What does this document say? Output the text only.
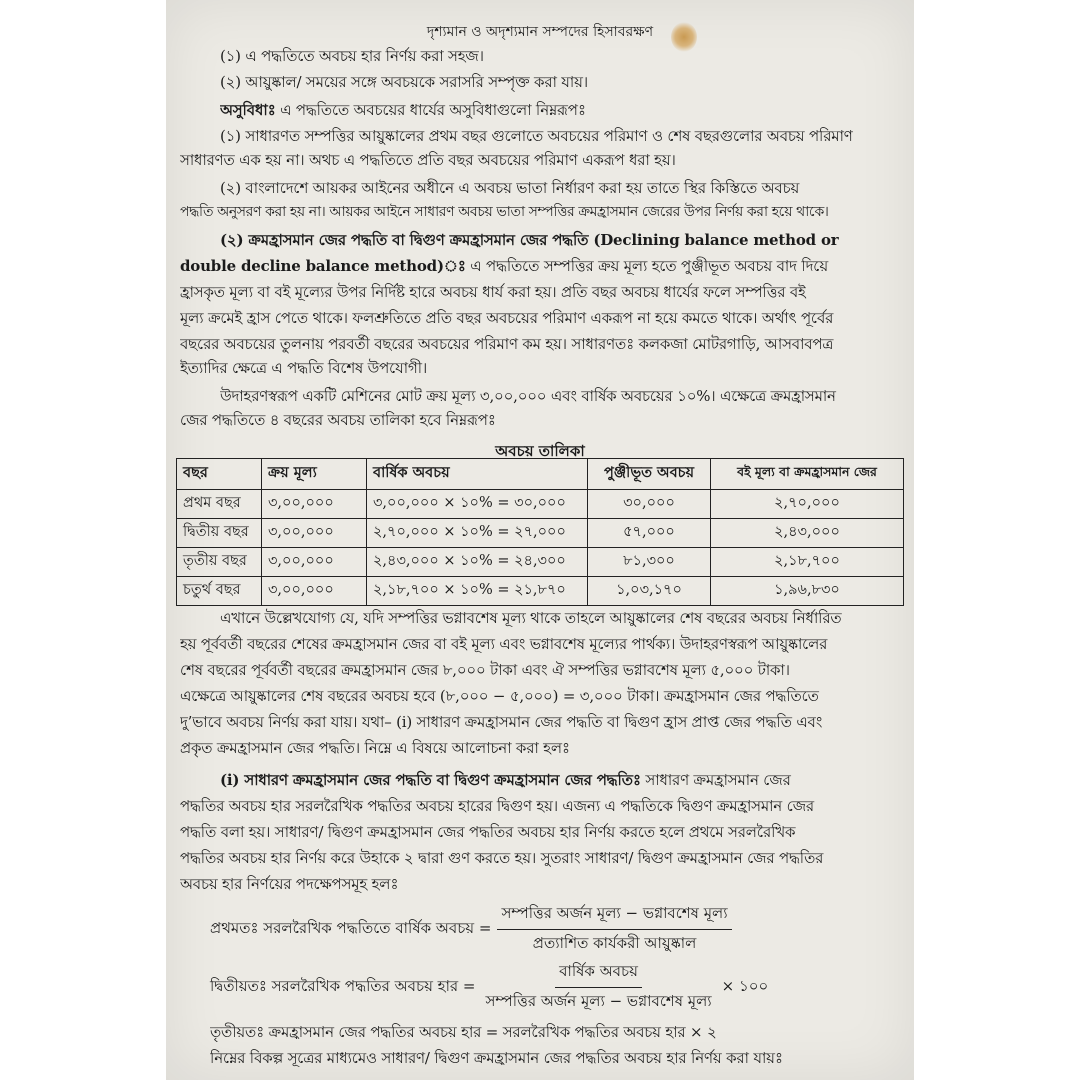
দৃশ্যমান ও অদৃশ্যমান সম্পদের হিসাবরক্ষণ
(১) এ পদ্ধতিতে অবচয় হার নির্ণয় করা সহজ।
(২) আয়ুষ্কাল/ সময়ের সঙ্গে অবচয়কে সরাসরি সম্পৃক্ত করা যায়।
অসুবিধাঃ এ পদ্ধতিতে অবচয়ের ধার্যের অসুবিধাগুলো নিম্নরূপঃ
(১) সাধারণত সম্পত্তির আয়ুষ্কালের প্রথম বছর গুলোতে অবচয়ের পরিমাণ ও শেষ বছরগুলোর অবচয় পরিমাণ
সাধারণত এক হয় না। অথচ এ পদ্ধতিতে প্রতি বছর অবচয়ের পরিমাণ একরূপ ধরা হয়।
(২) বাংলাদেশে আয়কর আইনের অধীনে এ অবচয় ভাতা নির্ধারণ করা হয় তাতে স্থির কিস্তিতে অবচয়
পদ্ধতি অনুসরণ করা হয় না। আয়কর আইনে সাধারণ অবচয় ভাতা সম্পত্তির ক্রমহ্রাসমান জেরের উপর নির্ণয় করা হয়ে থাকে।
(২) ক্রমহ্রাসমান জের পদ্ধতি বা দ্বিগুণ ক্রমহ্রাসমান জের পদ্ধতি (Declining balance method or
double decline balance method)ঃ এ পদ্ধতিতে সম্পত্তির ক্রয় মূল্য হতে পুঞ্জীভূত অবচয় বাদ দিয়ে
হ্রাসকৃত মূল্য বা বই মূল্যের উপর নির্দিষ্ট হারে অবচয় ধার্য করা হয়। প্রতি বছর অবচয় ধার্যের ফলে সম্পত্তির বই
মূল্য ক্রমেই হ্রাস পেতে থাকে। ফলশ্রুতিতে প্রতি বছর অবচয়ের পরিমাণ একরূপ না হয়ে কমতে থাকে। অর্থাৎ পূর্বের
বছরের অবচয়ের তুলনায় পরবর্তী বছরের অবচয়ের পরিমাণ কম হয়। সাধারণতঃ কলকজা মোটরগাড়ি, আসবাবপত্র
ইত্যাদির ক্ষেত্রে এ পদ্ধতি বিশেষ উপযোগী।
উদাহরণস্বরূপ একটি মেশিনের মোট ক্রয় মূল্য ৩,০০,০০০ এবং বার্ষিক অবচয়ের ১০%। এক্ষেত্রে ক্রমহ্রাসমান
জের পদ্ধতিতে ৪ বছরের অবচয় তালিকা হবে নিম্নরূপঃ
অবচয় তালিকা
বছর	ক্রয় মূল্য	বার্ষিক অবচয়	পুঞ্জীভূত অবচয়	বই মূল্য বা ক্রমহ্রাসমান জের
প্রথম বছর	৩,০০,০০০	৩,০০,০০০ × ১০% = ৩০,০০০	৩০,০০০	২,৭০,০০০
দ্বিতীয় বছর	৩,০০,০০০	২,৭০,০০০ × ১০% = ২৭,০০০	৫৭,০০০	২,৪৩,০০০
তৃতীয় বছর	৩,০০,০০০	২,৪৩,০০০ × ১০% = ২৪,৩০০	৮১,৩০০	২,১৮,৭০০
চতুর্থ বছর	৩,০০,০০০	২,১৮,৭০০ × ১০% = ২১,৮৭০	১,০৩,১৭০	১,৯৬,৮৩০
এখানে উল্লেখযোগ্য যে, যদি সম্পত্তির ভগ্নাবশেষ মূল্য থাকে তাহলে আয়ুষ্কালের শেষ বছরের অবচয় নির্ধারিত
হয় পূর্ববর্তী বছরের শেষের ক্রমহ্রাসমান জের বা বই মূল্য এবং ভগ্নাবশেষ মূল্যের পার্থক্য। উদাহরণস্বরূপ আয়ুষ্কালের
শেষ বছরের পূর্ববর্তী বছরের ক্রমহ্রাসমান জের ৮,০০০ টাকা এবং ঐ সম্পত্তির ভগ্নাবশেষ মূল্য ৫,০০০ টাকা।
এক্ষেত্রে আয়ুষ্কালের শেষ বছরের অবচয় হবে (৮,০০০ − ৫,০০০) = ৩,০০০ টাকা। ক্রমহ্রাসমান জের পদ্ধতিতে
দু’ভাবে অবচয় নির্ণয় করা যায়। যথা– (i) সাধারণ ক্রমহ্রাসমান জের পদ্ধতি বা দ্বিগুণ হ্রাস প্রাপ্ত জের পদ্ধতি এবং
প্রকৃত ক্রমহ্রাসমান জের পদ্ধতি। নিম্নে এ বিষয়ে আলোচনা করা হলঃ
(i) সাধারণ ক্রমহ্রাসমান জের পদ্ধতি বা দ্বিগুণ ক্রমহ্রাসমান জের পদ্ধতিঃ সাধারণ ক্রমহ্রাসমান জের
পদ্ধতির অবচয় হার সরলরৈখিক পদ্ধতির অবচয় হারের দ্বিগুণ হয়। এজন্য এ পদ্ধতিকে দ্বিগুণ ক্রমহ্রাসমান জের
পদ্ধতি বলা হয়। সাধারণ/ দ্বিগুণ ক্রমহ্রাসমান জের পদ্ধতির অবচয় হার নির্ণয় করতে হলে প্রথমে সরলরৈখিক
পদ্ধতির অবচয় হার নির্ণয় করে উহাকে ২ দ্বারা গুণ করতে হয়। সুতরাং সাধারণ/ দ্বিগুণ ক্রমহ্রাসমান জের পদ্ধতির
অবচয় হার নির্ণয়ের পদক্ষেপসমূহ হলঃ
প্রথমতঃ সরলরৈখিক পদ্ধতিতে বার্ষিক অবচয় =
সম্পত্তির অর্জন মূল্য − ভগ্নাবশেষ মূল্য
প্রত্যাশিত কার্যকরী আয়ুষ্কাল
দ্বিতীয়তঃ সরলরৈখিক পদ্ধতির অবচয় হার =
বার্ষিক অবচয়
সম্পত্তির অর্জন মূল্য − ভগ্নাবশেষ মূল্য
× ১০০
তৃতীয়তঃ ক্রমহ্রাসমান জের পদ্ধতির অবচয় হার = সরলরৈখিক পদ্ধতির অবচয় হার × ২
নিম্নের বিকল্প সূত্রের মাধ্যমেও সাধারণ/ দ্বিগুণ ক্রমহ্রাসমান জের পদ্ধতির অবচয় হার নির্ণয় করা যায়ঃ
